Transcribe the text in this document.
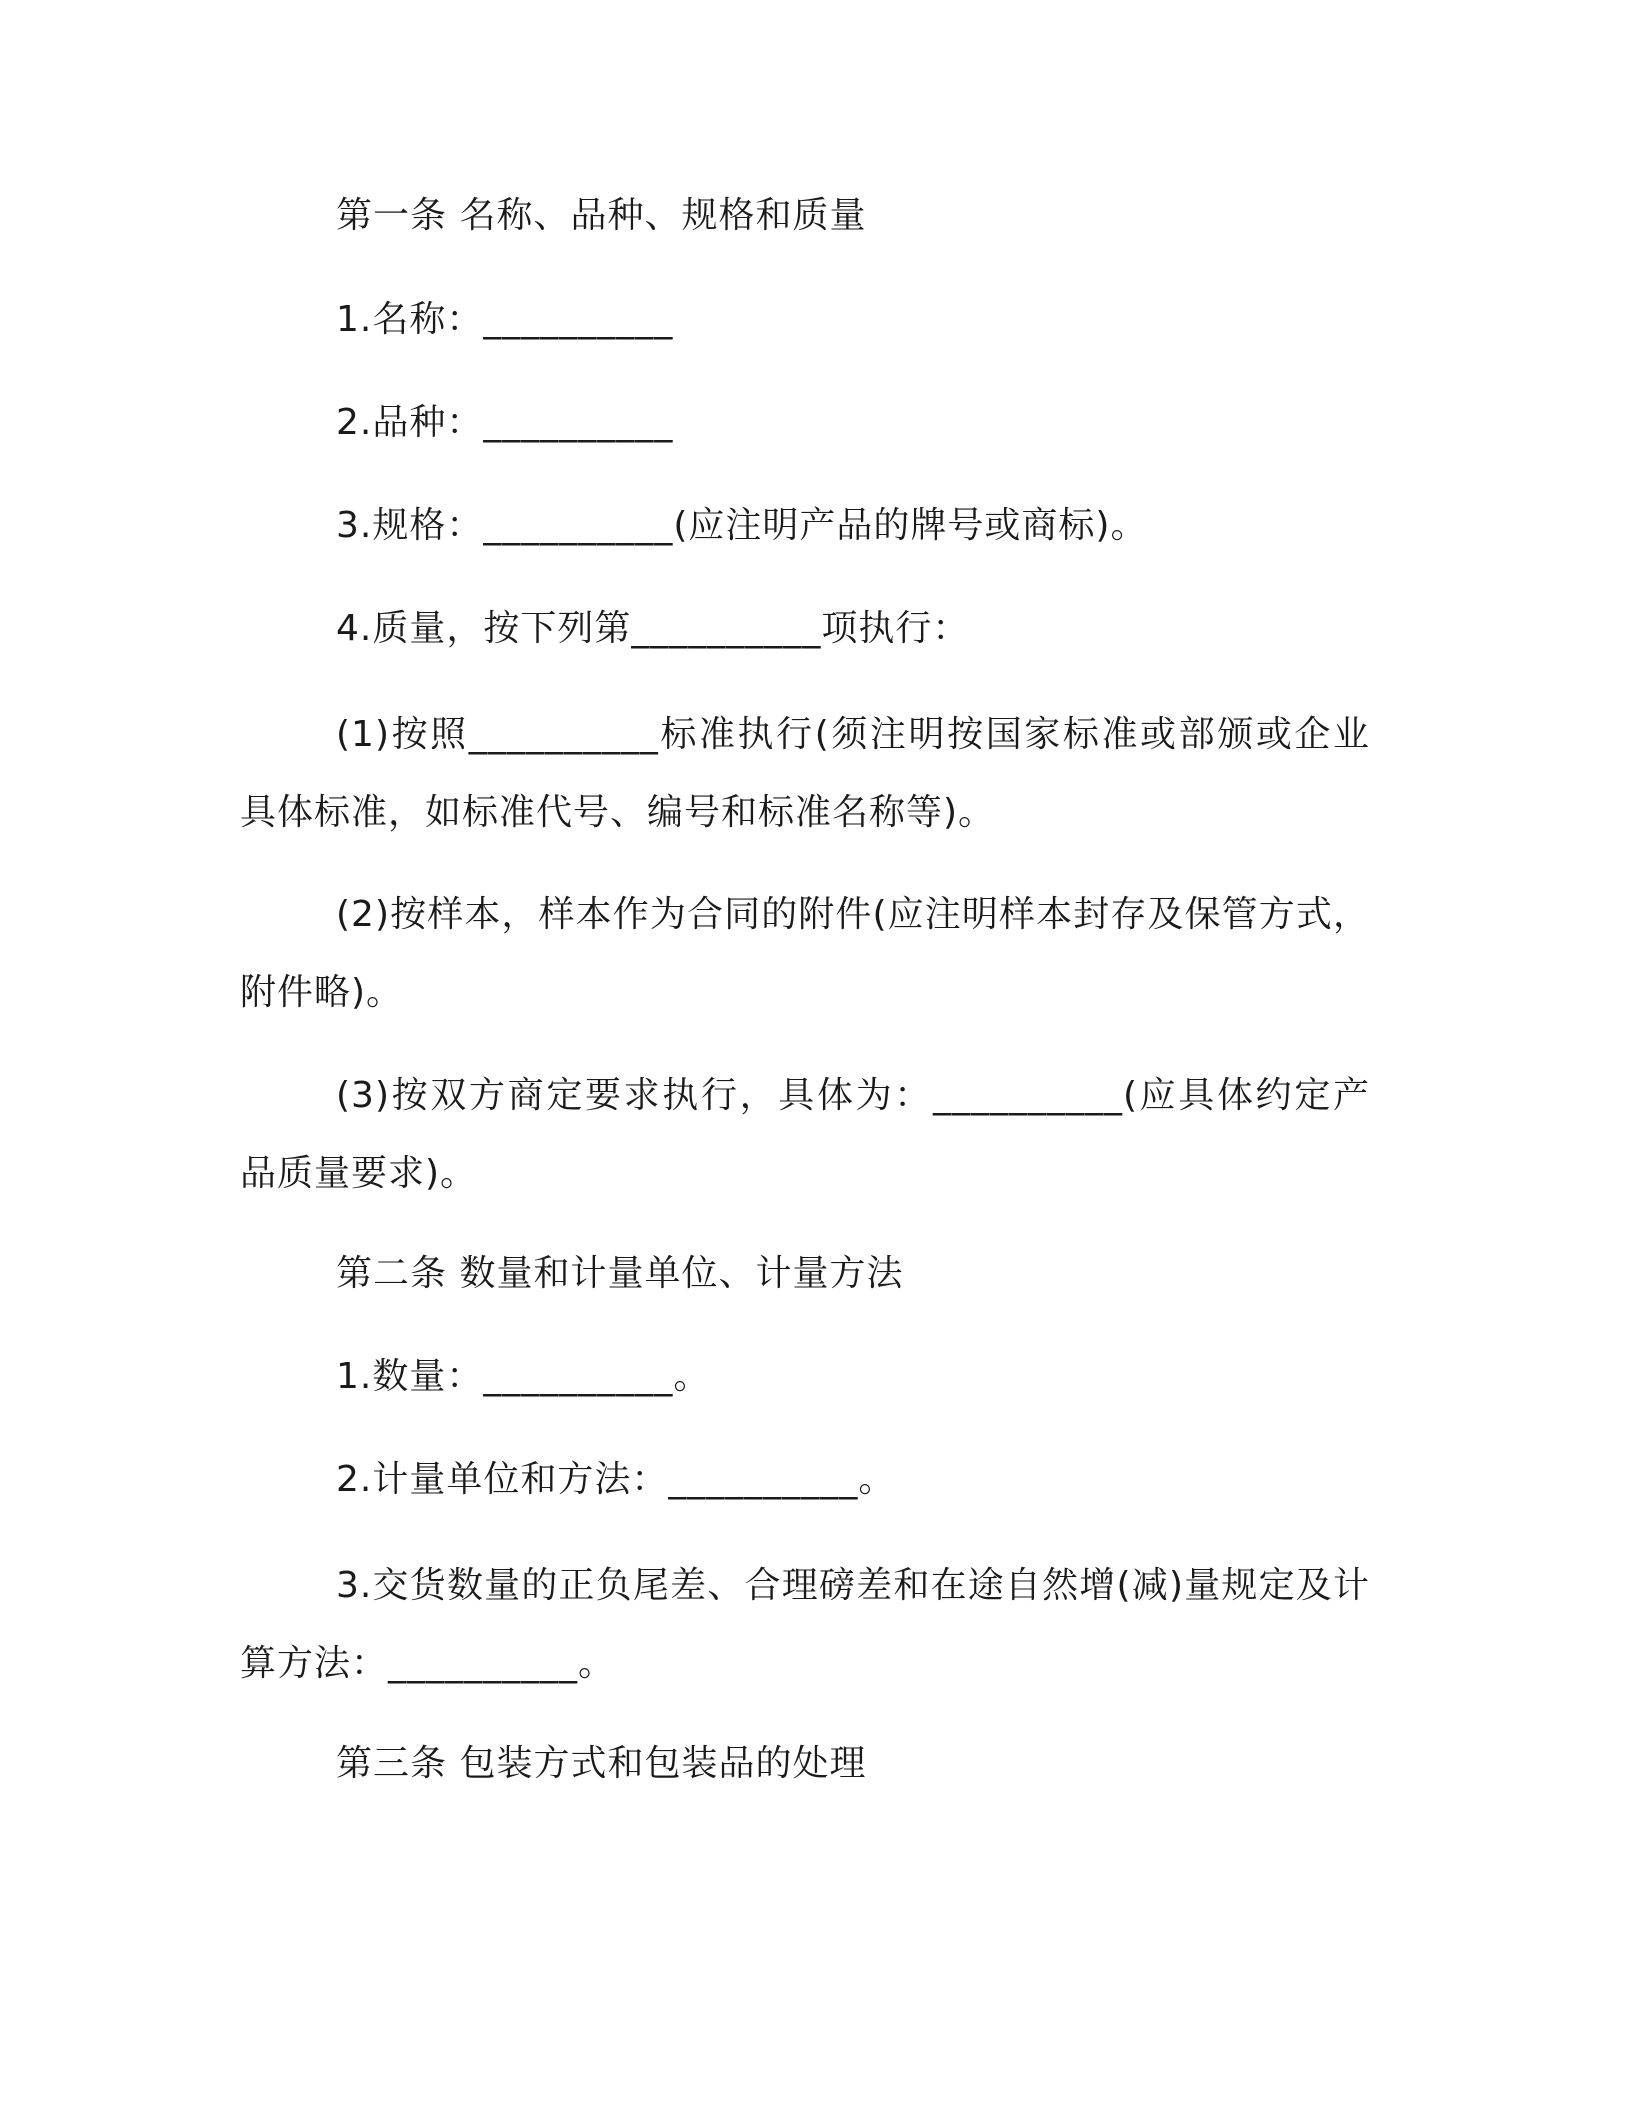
第一条 名称、品种、规格和质量
1.名称：__________
2.品种：__________
3.规格：__________(应注明产品的牌号或商标)。
4.质量，按下列第__________项执行：
(1)按照__________标准执行(须注明按国家标准或部颁或企业具体标准，如标准代号、编号和标准名称等)。
(2)按样本，样本作为合同的附件(应注明样本封存及保管方式，附件略)。
(3)按双方商定要求执行，具体为：__________(应具体约定产品质量要求)。
第二条 数量和计量单位、计量方法
1.数量：__________。
2.计量单位和方法：__________。
3.交货数量的正负尾差、合理磅差和在途自然增(减)量规定及计算方法：__________。
第三条 包装方式和包装品的处理
